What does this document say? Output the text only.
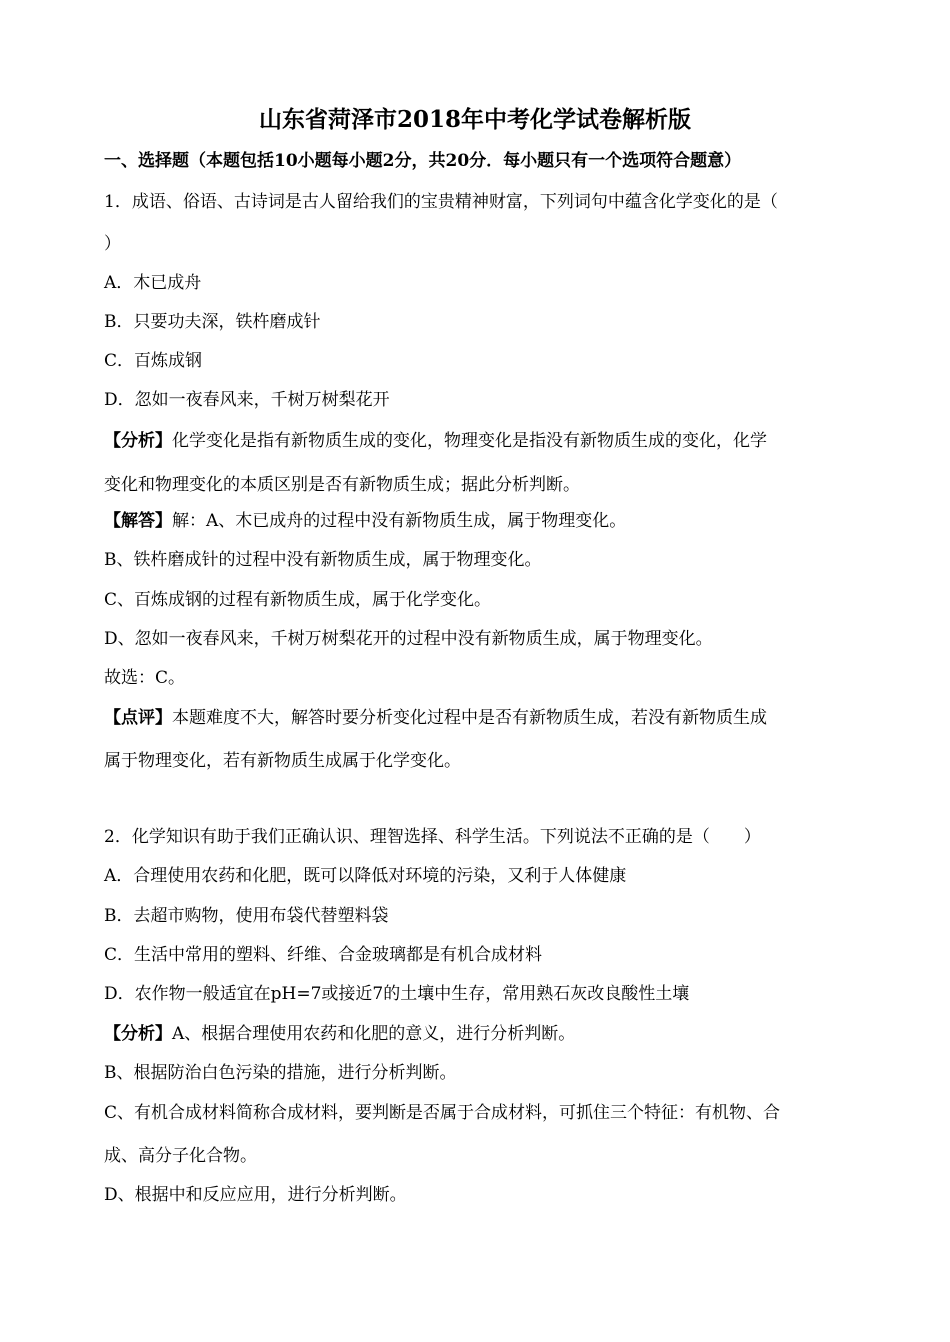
山东省菏泽市2018年中考化学试卷解析版
一、选择题（本题包括10小题每小题2分，共20分．每小题只有一个选项符合题意）
1．成语、俗语、古诗词是古人留给我们的宝贵精神财富，下列词句中蕴含化学变化的是（
）
A．木已成舟
B．只要功夫深，铁杵磨成针
C．百炼成钢
D．忽如一夜春风来，千树万树梨花开
【分析】化学变化是指有新物质生成的变化，物理变化是指没有新物质生成的变化，化学
变化和物理变化的本质区别是否有新物质生成；据此分析判断。
【解答】解：A、木已成舟的过程中没有新物质生成，属于物理变化。
B、铁杵磨成针的过程中没有新物质生成，属于物理变化。
C、百炼成钢的过程有新物质生成，属于化学变化。
D、忽如一夜春风来，千树万树梨花开的过程中没有新物质生成，属于物理变化。
故选：C。
【点评】本题难度不大，解答时要分析变化过程中是否有新物质生成，若没有新物质生成
属于物理变化，若有新物质生成属于化学变化。
2．化学知识有助于我们正确认识、理智选择、科学生活。下列说法不正确的是（　　）
A．合理使用农药和化肥，既可以降低对环境的污染，又利于人体健康
B．去超市购物，使用布袋代替塑料袋
C．生活中常用的塑料、纤维、合金玻璃都是有机合成材料
D．农作物一般适宜在pH=7或接近7的土壤中生存，常用熟石灰改良酸性土壤
【分析】A、根据合理使用农药和化肥的意义，进行分析判断。
B、根据防治白色污染的措施，进行分析判断。
C、有机合成材料简称合成材料，要判断是否属于合成材料，可抓住三个特征：有机物、合
成、高分子化合物。
D、根据中和反应应用，进行分析判断。
